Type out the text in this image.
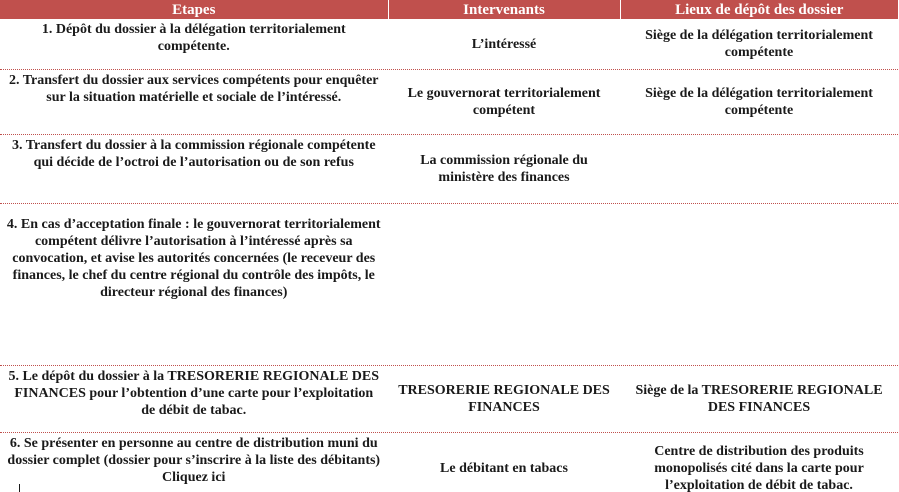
Etapes	Intervenants	Lieux de dépôt des dossier
1. Dépôt du dossier à la délégation territorialement compétente.	L’intéressé	Siège de la délégation territorialement compétente
2. Transfert du dossier aux services compétents pour enquêter sur la situation matérielle et sociale de l’intéressé.	Le gouvernorat territorialement compétent	Siège de la délégation territorialement compétente
3. Transfert du dossier à la commission régionale compétente qui décide de l’octroi de l’autorisation ou de son refus	La commission régionale du ministère des finances	
4. En cas d’acceptation finale : le gouvernorat territorialement compétent délivre l’autorisation à l’intéressé après sa convocation, et avise les autorités concernées (le receveur des finances, le chef du centre régional du contrôle des impôts, le directeur régional des finances)		
5. Le dépôt du dossier à la TRESORERIE REGIONALE DES FINANCES pour l’obtention d’une carte pour l’exploitation de débit de tabac.	TRESORERIE REGIONALE DES FINANCES	Siège de la TRESORERIE REGIONALE DES FINANCES
6. Se présenter en personne au centre de distribution muni du dossier complet (dossier pour s’inscrire à la liste des débitants) Cliquez ici	Le débitant en tabacs	Centre de distribution des produits monopolisés cité dans la carte pour l’exploitation de débit de tabac.
